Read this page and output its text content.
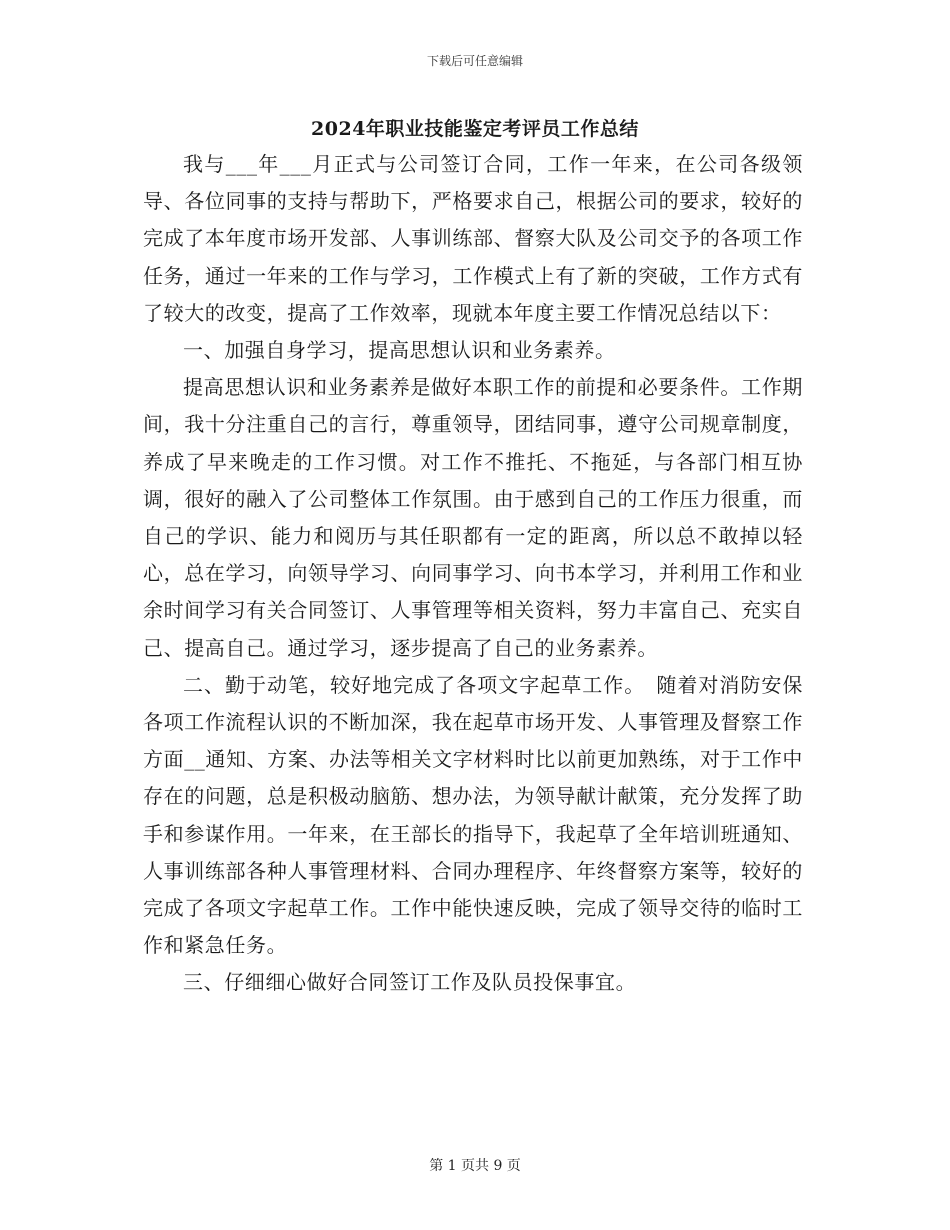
下载后可任意编辑
2024年职业技能鉴定考评员工作总结

我与___年___月正式与公司签订合同，工作一年来，在公司各级领导、各位同事的支持与帮助下，严格要求自己，根据公司的要求，较好的完成了本年度市场开发部、人事训练部、督察大队及公司交予的各项工作任务，通过一年来的工作与学习，工作模式上有了新的突破，工作方式有了较大的改变，提高了工作效率，现就本年度主要工作情况总结以下：

一、加强自身学习，提高思想认识和业务素养。

提高思想认识和业务素养是做好本职工作的前提和必要条件。工作期间，我十分注重自己的言行，尊重领导，团结同事，遵守公司规章制度，养成了早来晚走的工作习惯。对工作不推托、不拖延，与各部门相互协调，很好的融入了公司整体工作氛围。由于感到自己的工作压力很重，而自己的学识、能力和阅历与其任职都有一定的距离，所以总不敢掉以轻心，总在学习，向领导学习、向同事学习、向书本学习，并利用工作和业余时间学习有关合同签订、人事管理等相关资料，努力丰富自己、充实自己、提高自己。通过学习，逐步提高了自己的业务素养。

二、勤于动笔，较好地完成了各项文字起草工作。　随着对消防安保各项工作流程认识的不断加深，我在起草市场开发、人事管理及督察工作方面__通知、方案、办法等相关文字材料时比以前更加熟练，对于工作中存在的问题，总是积极动脑筋、想办法，为领导献计献策，充分发挥了助手和参谋作用。一年来，在王部长的指导下，我起草了全年培训班通知、人事训练部各种人事管理材料、合同办理程序、年终督察方案等，较好的完成了各项文字起草工作。工作中能快速反映，完成了领导交待的临时工作和紧急任务。

三、仔细细心做好合同签订工作及队员投保事宜。

第 1 页共 9 页
